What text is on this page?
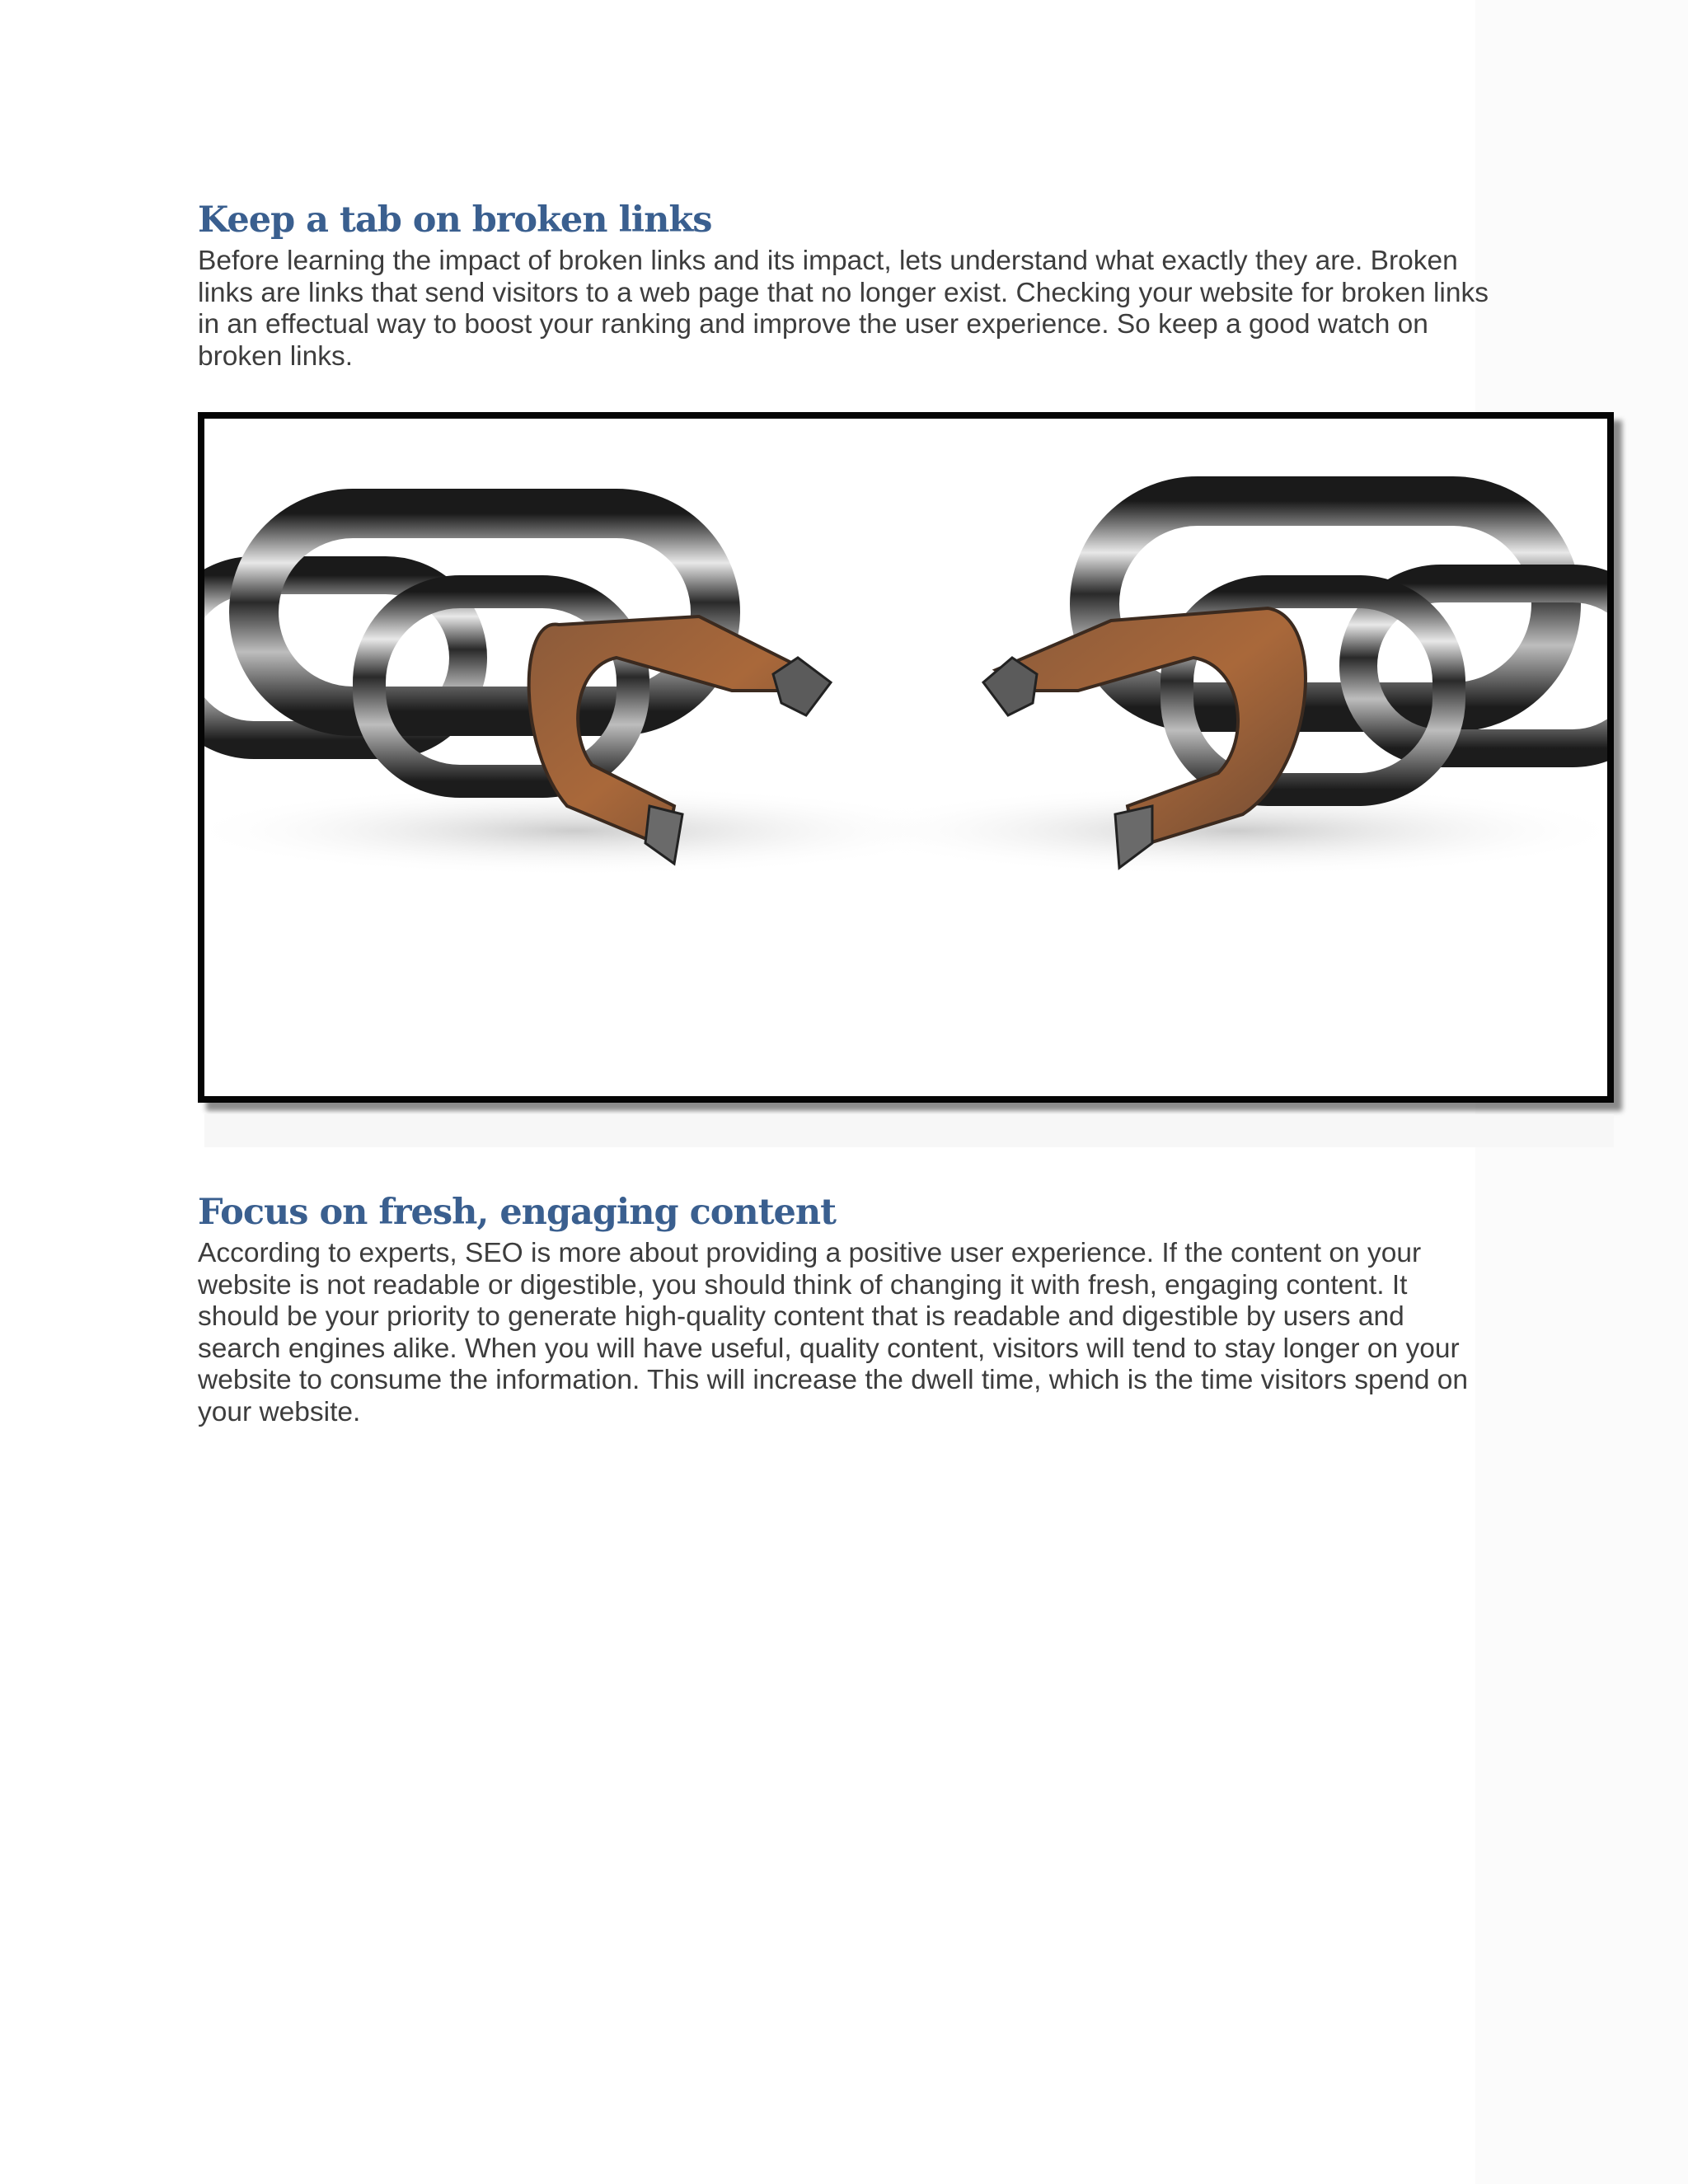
Keep a tab on broken links
Before learning the impact of broken links and its impact, lets understand what exactly they are. Broken
links are links that send visitors to a web page that no longer exist. Checking your website for broken links
in an effectual way to boost your ranking and improve the user experience. So keep a good watch on
broken links.
Focus on fresh, engaging content
According to experts, SEO is more about providing a positive user experience. If the content on your
website is not readable or digestible, you should think of changing it with fresh, engaging content. It
should be your priority to generate high-quality content that is readable and digestible by users and
search engines alike. When you will have useful, quality content, visitors will tend to stay longer on your
website to consume the information. This will increase the dwell time, which is the time visitors spend on
your website.
